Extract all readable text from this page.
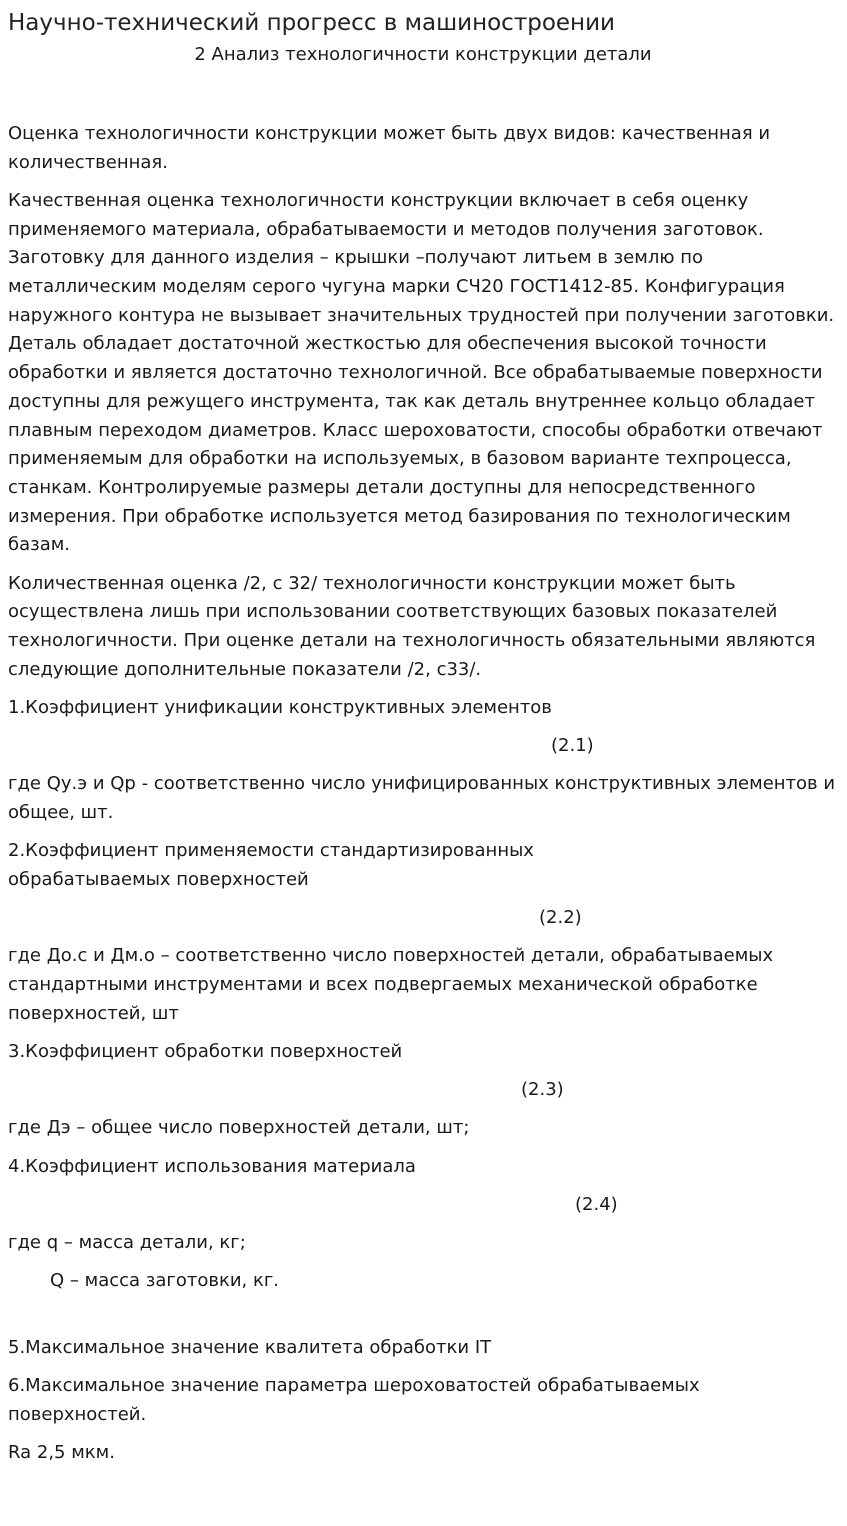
Научно-технический прогресс в машиностроении
2 Анализ технологичности конструкции детали

Оценка технологичности конструкции может быть двух видов: качественная и количественная.

Качественная оценка технологичности конструкции включает в себя оценку применяемого материала, обрабатываемости и методов получения заготовок. Заготовку для данного изделия – крышки –получают литьем в землю по металлическим моделям серого чугуна марки СЧ20 ГОСТ1412-85. Конфигурация наружного контура не вызывает значительных трудностей при получении заготовки. Деталь обладает достаточной жесткостью для обеспечения высокой точности обработки и является достаточно технологичной. Все обрабатываемые поверхности доступны для режущего инструмента, так как деталь внутреннее кольцо обладает плавным переходом диаметров. Класс шероховатости, способы обработки отвечают применяемым для обработки на используемых, в базовом варианте техпроцесса, станкам. Контролируемые размеры детали доступны для непосредственного измерения. При обработке используется метод базирования по технологическим базам.

Количественная оценка /2, с 32/ технологичности конструкции может быть осуществлена лишь при использовании соответствующих базовых показателей технологичности. При оценке детали на технологичность обязательными являются следующие дополнительные показатели /2, с33/.

1.Коэффициент унификации конструктивных элементов

(2.1)

где Qу.э и Qр - соответственно число унифицированных конструктивных элементов и общее, шт.

2.Коэффициент применяемости стандартизированных обрабатываемых поверхностей

(2.2)

где До.с и Дм.о – соответственно число поверхностей детали, обрабатываемых стандартными инструментами и всех подвергаемых механической обработке поверхностей, шт

3.Коэффициент обработки поверхностей

(2.3)

где Дэ – общее число поверхностей детали, шт;

4.Коэффициент использования материала

(2.4)

где q – масса детали, кг;

Q – масса заготовки, кг.

5.Максимальное значение квалитета обработки IT

6.Максимальное значение параметра шероховатостей обрабатываемых поверхностей.

Ra 2,5 мкм.
